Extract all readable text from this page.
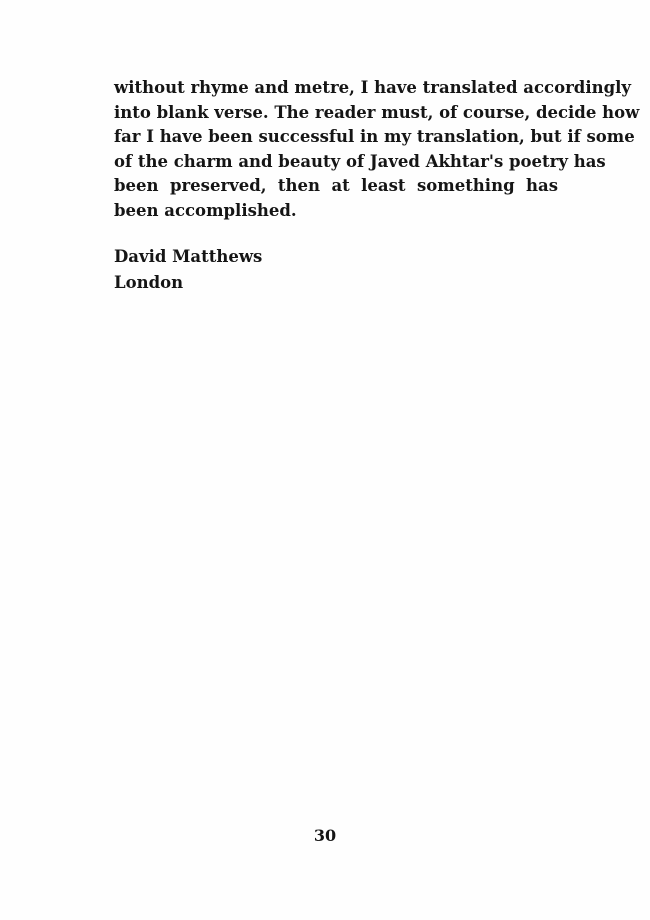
without rhyme and metre, I have translated accordingly
into blank verse. The reader must, of course, decide how
far I have been successful in my translation, but if some
of the charm and beauty of Javed Akhtar's poetry has
been preserved, then at least something has
been accomplished.
David Matthews
London
30
